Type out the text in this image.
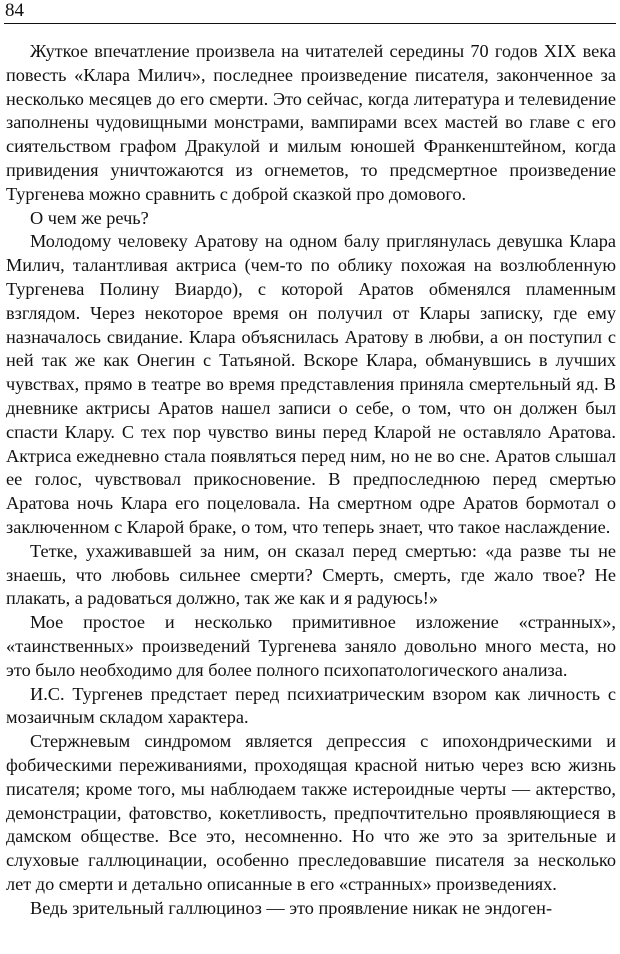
84

Жуткое впечатление произвела на читателей середины 70 годов XIX века повесть «Клара Милич», последнее произведение писателя, законченное за несколько месяцев до его смерти. Это сейчас, когда литература и телевидение заполнены чудовищными монстрами, вампирами всех мастей во главе с его сиятельством графом Дракулой и милым юношей Франкенштейном, когда привидения уничтожаются из огнеметов, то предсмертное произведение Тургенева можно сравнить с доброй сказкой про домового.

О чем же речь?

Молодому человеку Аратову на одном балу приглянулась девушка Клара Милич, талантливая актриса (чем-то по облику похожая на возлюбленную Тургенева Полину Виардо), с которой Аратов обменялся пламенным взглядом. Через некоторое время он получил от Клары записку, где ему назначалось свидание. Клара объяснилась Аратову в любви, а он поступил с ней так же как Онегин с Татьяной. Вскоре Клара, обманувшись в лучших чувствах, прямо в театре во время представления приняла смертельный яд. В дневнике актрисы Аратов нашел записи о себе, о том, что он должен был спасти Клару. С тех пор чувство вины перед Кларой не оставляло Аратова. Актриса ежедневно стала появляться перед ним, но не во сне. Аратов слышал ее голос, чувствовал прикосновение. В предпоследнюю перед смертью Аратова ночь Клара его поцеловала. На смертном одре Аратов бормотал о заключенном с Кларой браке, о том, что теперь знает, что такое наслаждение.

Тетке, ухаживавшей за ним, он сказал перед смертью: «да разве ты не знаешь, что любовь сильнее смерти? Смерть, смерть, где жало твое? Не плакать, а радоваться должно, так же как и я радуюсь!»

Мое простое и несколько примитивное изложение «странных», «таинственных» произведений Тургенева заняло довольно много места, но это было необходимо для более полного психопатологического анализа.

И.С. Тургенев предстает перед психиатрическим взором как личность с мозаичным складом характера.

Стержневым синдромом является депрессия с ипохондрическими и фобическими переживаниями, проходящая красной нитью через всю жизнь писателя; кроме того, мы наблюдаем также истероидные черты — актерство, демонстрации, фатовство, кокетливость, предпочтительно проявляющиеся в дамском обществе. Все это, несомненно. Но что же это за зрительные и слуховые галлюцинации, особенно преследовавшие писателя за несколько лет до смерти и детально описанные в его «странных» произведениях.

Ведь зрительный галлюциноз — это проявление никак не эндоген-
